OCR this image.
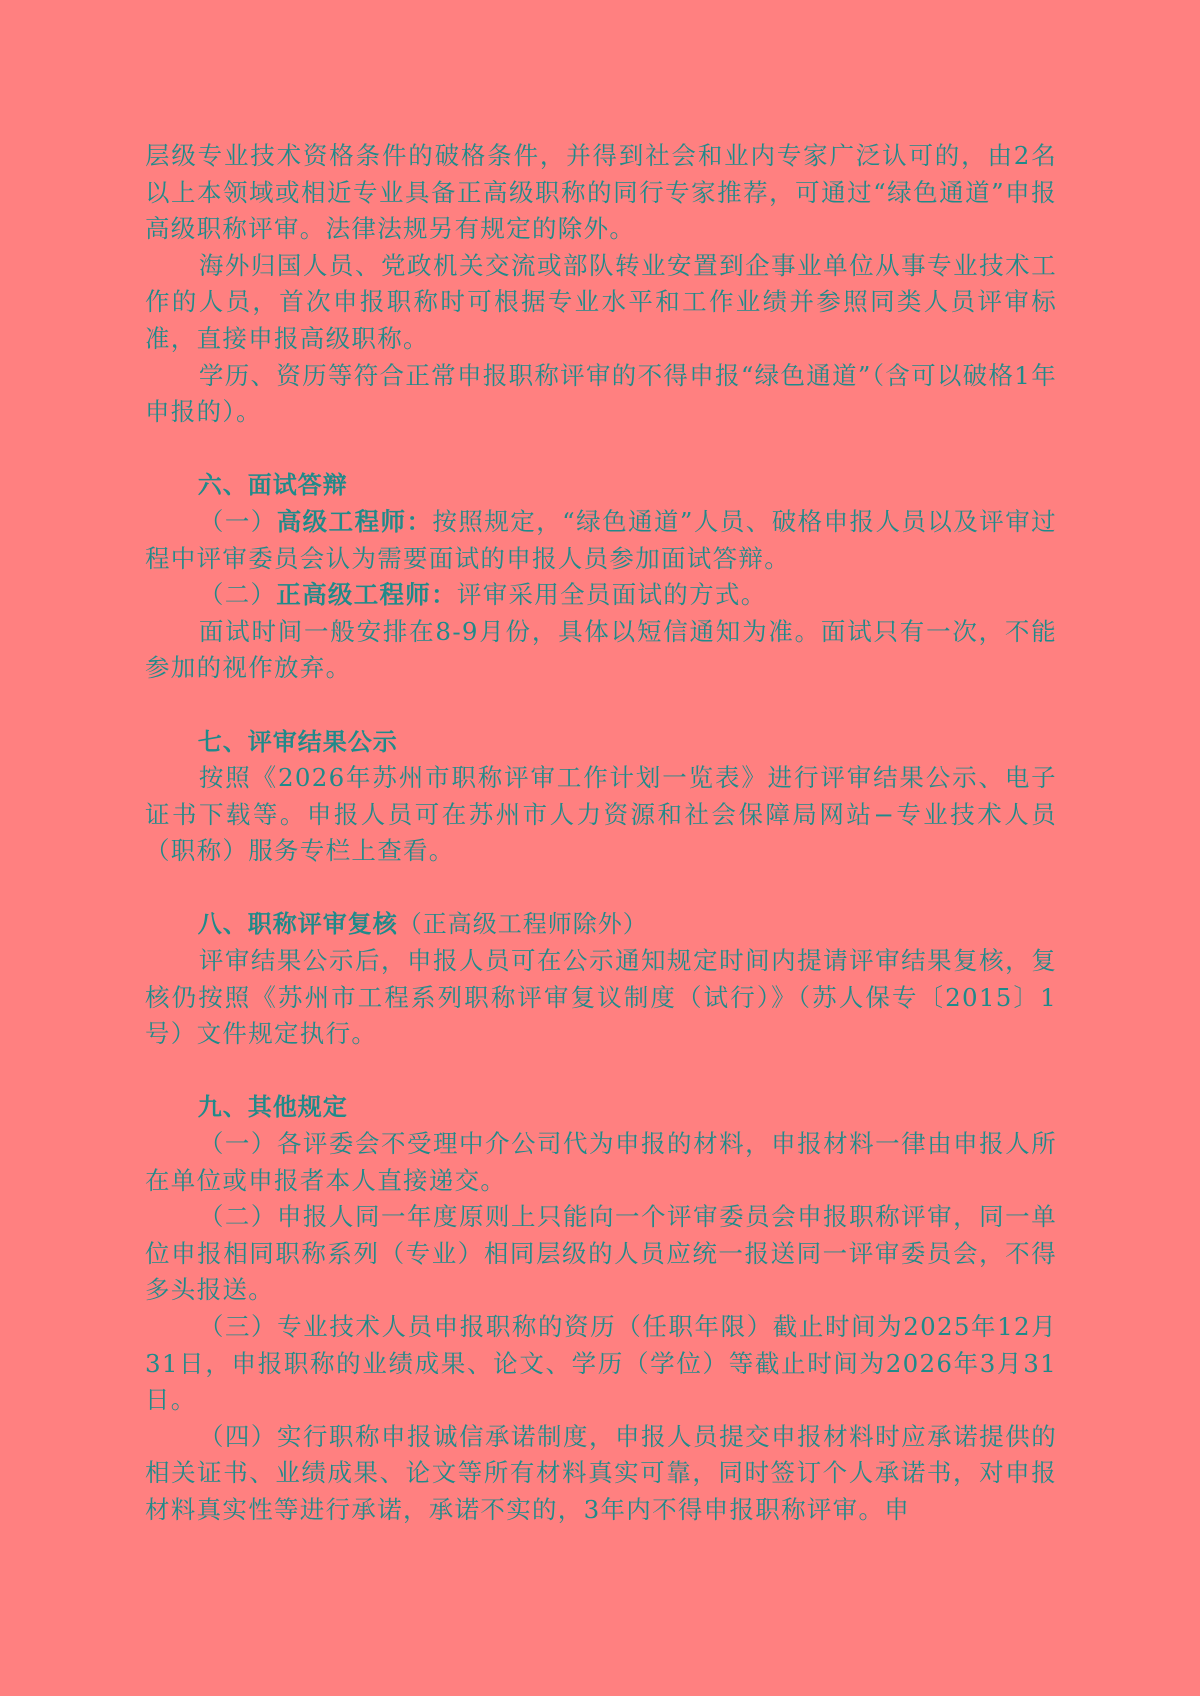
层级专业技术资格条件的破格条件，并得到社会和业内专家广泛认可的，由2名以上本领域或相近专业具备正高级职称的同行专家推荐，可通过“绿色通道”申报高级职称评审。法律法规另有规定的除外。

海外归国人员、党政机关交流或部队转业安置到企事业单位从事专业技术工作的人员，首次申报职称时可根据专业水平和工作业绩并参照同类人员评审标准，直接申报高级职称。

学历、资历等符合正常申报职称评审的不得申报“绿色通道”（含可以破格1年申报的）。

六、面试答辩

（一）高级工程师：按照规定，“绿色通道”人员、破格申报人员以及评审过程中评审委员会认为需要面试的申报人员参加面试答辩。

（二）正高级工程师：评审采用全员面试的方式。

面试时间一般安排在8-9月份，具体以短信通知为准。面试只有一次，不能参加的视作放弃。

七、评审结果公示

按照《2026年苏州市职称评审工作计划一览表》进行评审结果公示、电子证书下载等。申报人员可在苏州市人力资源和社会保障局网站−专业技术人员（职称）服务专栏上查看。

八、职称评审复核（正高级工程师除外）

评审结果公示后，申报人员可在公示通知规定时间内提请评审结果复核，复核仍按照《苏州市工程系列职称评审复议制度（试行）》（苏人保专〔2015〕1号）文件规定执行。

九、其他规定

（一）各评委会不受理中介公司代为申报的材料，申报材料一律由申报人所在单位或申报者本人直接递交。

（二）申报人同一年度原则上只能向一个评审委员会申报职称评审，同一单位申报相同职称系列（专业）相同层级的人员应统一报送同一评审委员会，不得多头报送。

（三）专业技术人员申报职称的资历（任职年限）截止时间为2025年12月31日，申报职称的业绩成果、论文、学历（学位）等截止时间为2026年3月31日。

（四）实行职称申报诚信承诺制度，申报人员提交申报材料时应承诺提供的相关证书、业绩成果、论文等所有材料真实可靠，同时签订个人承诺书，对申报材料真实性等进行承诺，承诺不实的，3年内不得申报职称评审。申
